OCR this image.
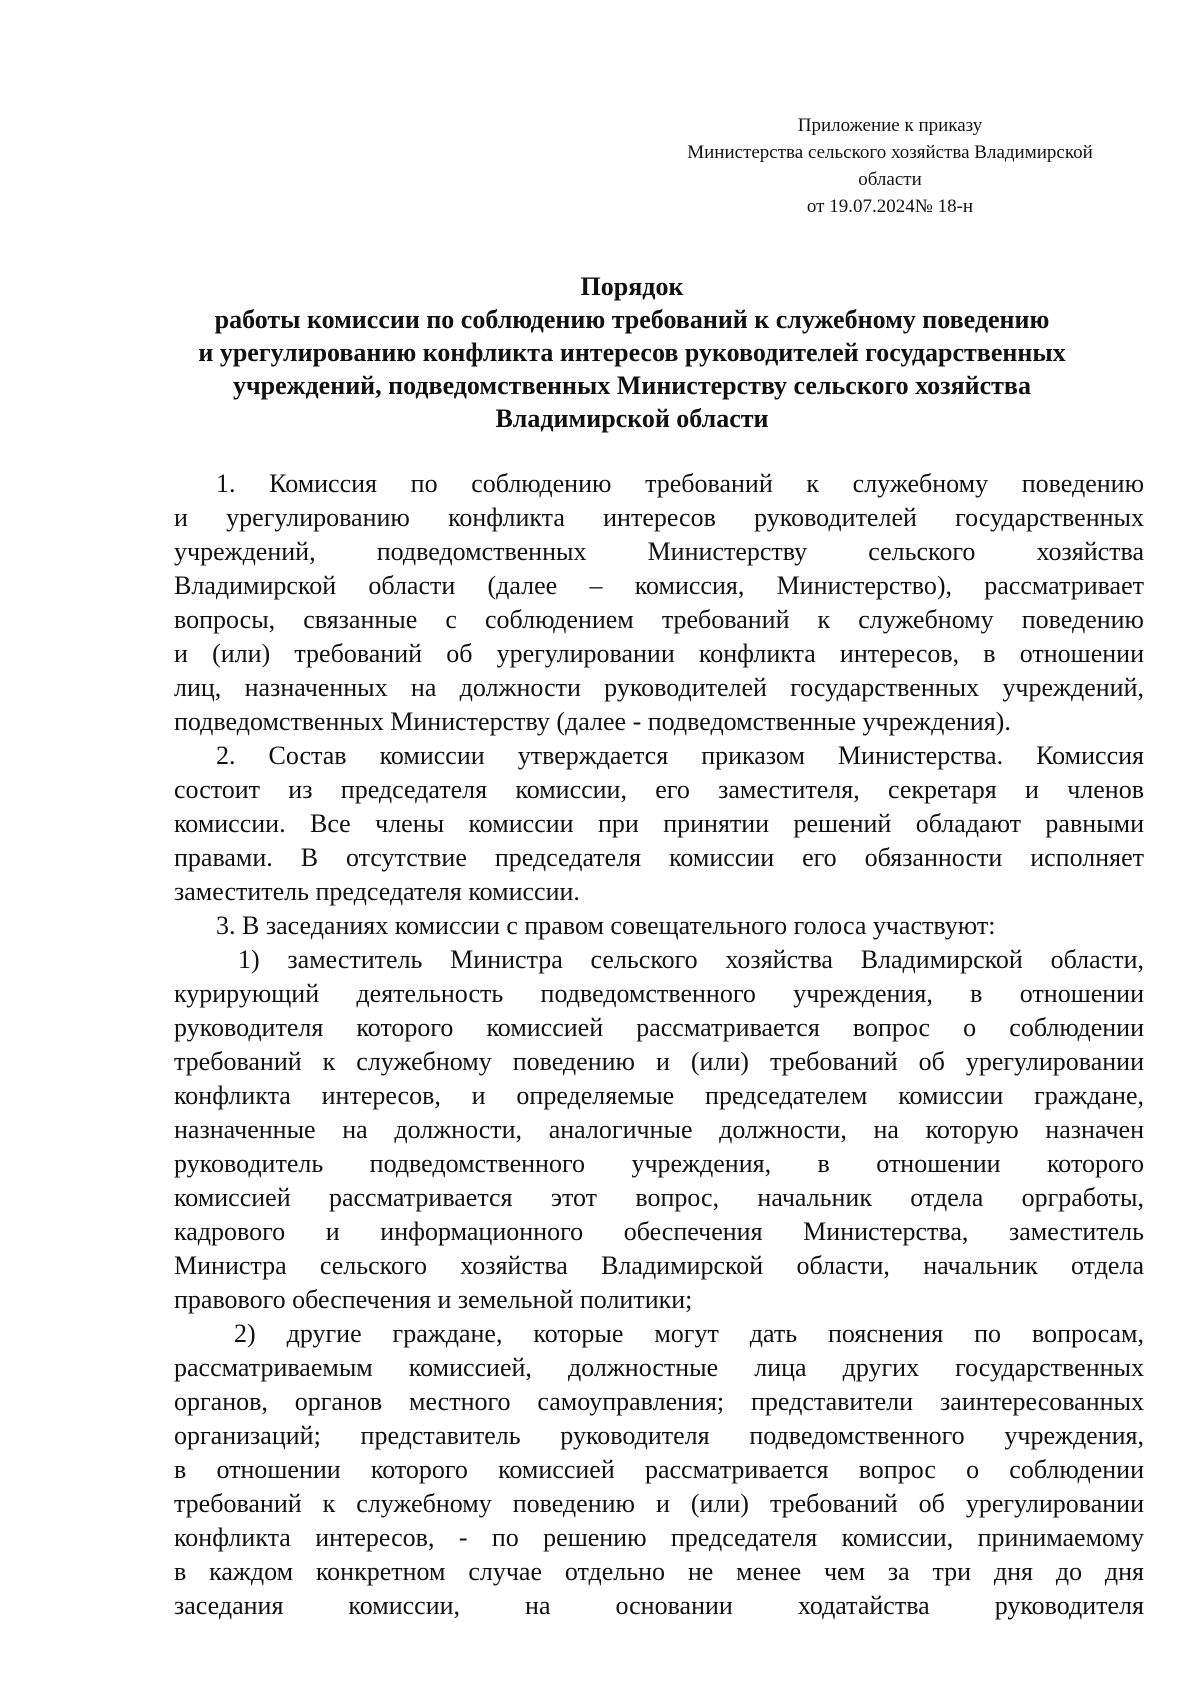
Приложение к приказу
Министерства сельского хозяйства Владимирской
области
от 19.07.2024№ 18-н
Порядок
работы комиссии по соблюдению требований к служебному поведению
и урегулированию конфликта интересов руководителей государственных
учреждений, подведомственных Министерству сельского хозяйства
Владимирской области
1. Комиссия по соблюдению требований к служебному поведению
и урегулированию конфликта интересов руководителей государственных
учреждений, подведомственных Министерству сельского хозяйства
Владимирской области (далее – комиссия, Министерство), рассматривает
вопросы, связанные с соблюдением требований к служебному поведению
и (или) требований об урегулировании конфликта интересов, в отношении
лиц, назначенных на должности руководителей государственных учреждений,
подведомственных Министерству (далее - подведомственные учреждения).
2. Состав комиссии утверждается приказом Министерства. Комиссия
состоит из председателя комиссии, его заместителя, секретаря и членов
комиссии. Все члены комиссии при принятии решений обладают равными
правами. В отсутствие председателя комиссии его обязанности исполняет
заместитель председателя комиссии.
3. В заседаниях комиссии с правом совещательного голоса участвуют:
1) заместитель Министра сельского хозяйства Владимирской области,
курирующий деятельность подведомственного учреждения, в отношении
руководителя которого комиссией рассматривается вопрос о соблюдении
требований к служебному поведению и (или) требований об урегулировании
конфликта интересов, и определяемые председателем комиссии граждане,
назначенные на должности, аналогичные должности, на которую назначен
руководитель подведомственного учреждения, в отношении которого
комиссией рассматривается этот вопрос, начальник отдела оргработы,
кадрового и информационного обеспечения Министерства, заместитель
Министра сельского хозяйства Владимирской области, начальник отдела
правового обеспечения и земельной политики;
2) другие граждане, которые могут дать пояснения по вопросам,
рассматриваемым комиссией, должностные лица других государственных
органов, органов местного самоуправления; представители заинтересованных
организаций; представитель руководителя подведомственного учреждения,
в отношении которого комиссией рассматривается вопрос о соблюдении
требований к служебному поведению и (или) требований об урегулировании
конфликта интересов, - по решению председателя комиссии, принимаемому
в каждом конкретном случае отдельно не менее чем за три дня до дня
заседания комиссии, на основании ходатайства руководителя
